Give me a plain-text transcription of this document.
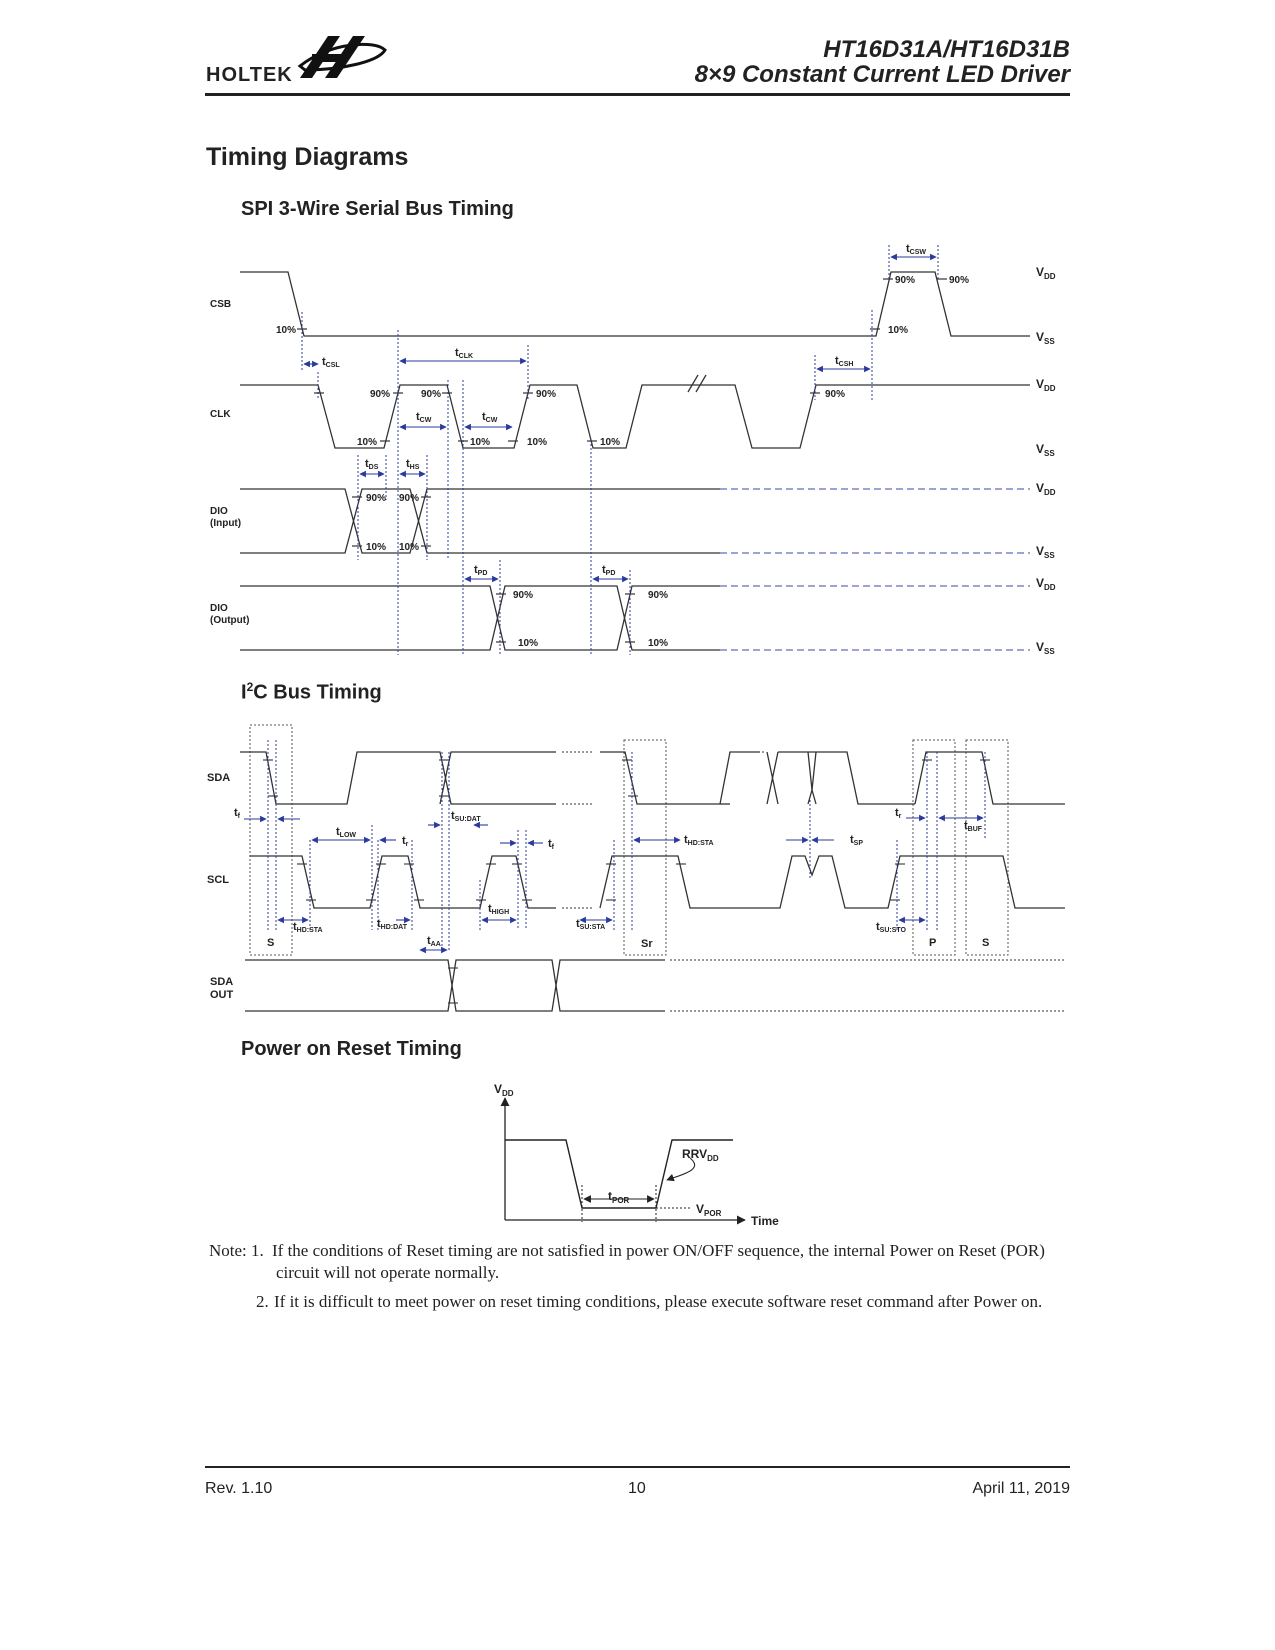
HOLTEK
HT16D31A/HT16D31B
8×9 Constant Current LED Driver
Timing Diagrams
SPI 3-Wire Serial Bus Timing
$I^2C$ Bus Timing
Power on Reset Timing
CSB
CLK
DIO
(Input)
DIO
(Output)
$V_{DD}$
$V_{SS}$
$V_{DD}$
$V_{SS}$
$V_{DD}$
$V_{SS}$
$V_{DD}$
$V_{SS}$
10%	10%
90%	90%
90%	90%	90%	90%
10%	10%	10%	10%
90% 90%
10% 10%
90%	90%
10%	10%
tCSW
tCSL
tCLK	tCSH
tCW	tCW
tDS	tHS
tPD	tPD
SDA
SCL
SDA
OUT
S	Sr	P	S
tf
tLOW	tr
tSU:DAT
tf
tHD:STA	tSP
tr
tBUF
tHD:STA
tHD:DAT
tHIGH
tSU:STA	tSU:STO
tAA
$V_{DD}$
$RRV_{DD}$
$t_{POR}$
$V_{POR}$
Time
Note: 1. If the conditions of Reset timing are not satisfied in power ON/OFF sequence, the internal Power on Reset (POR)
circuit will not operate normally.
2. If it is difficult to meet power on reset timing conditions, please execute software reset command after Power on.
Rev. 1.10	10	April 11, 2019
